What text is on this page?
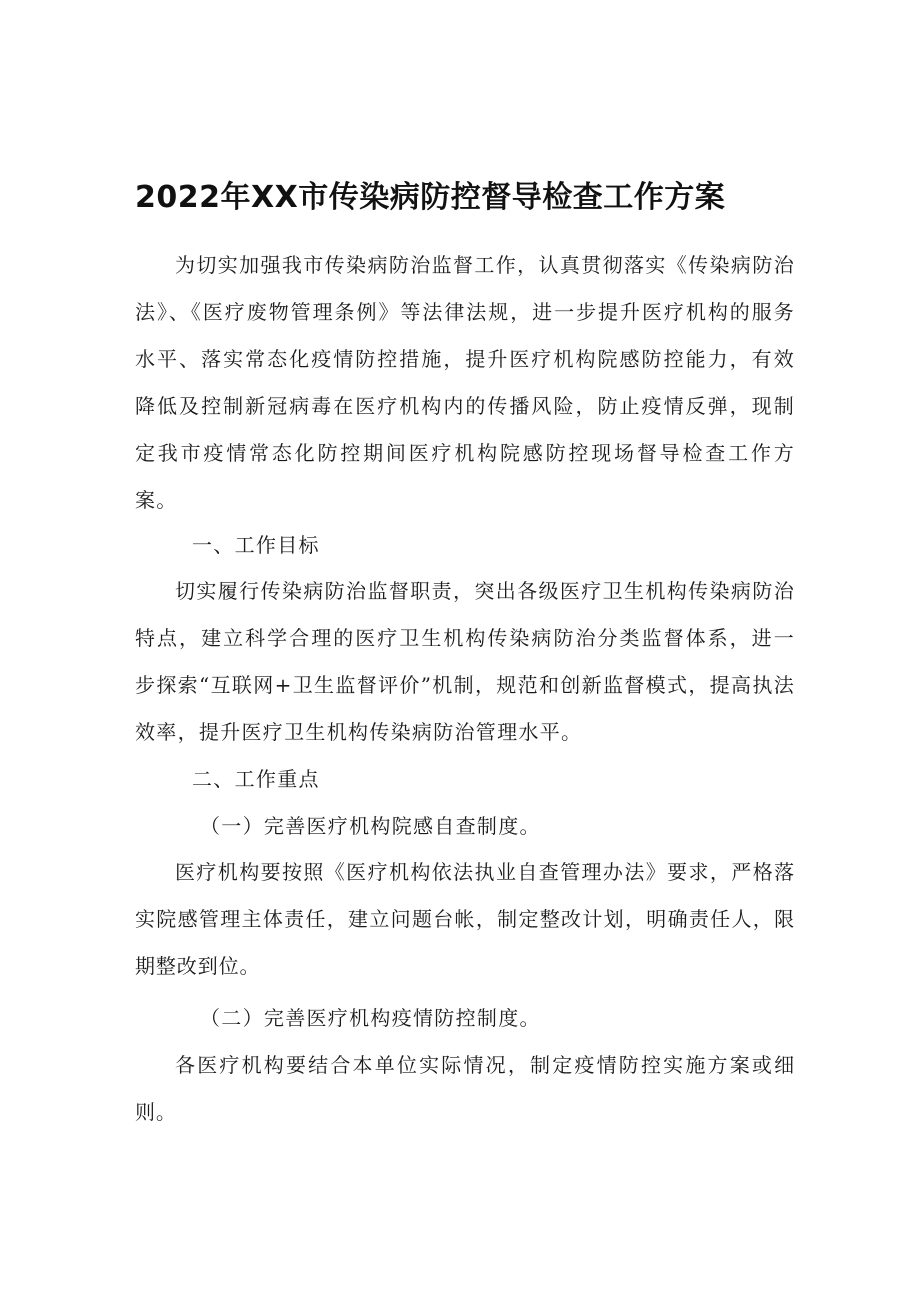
2022年XX市传染病防控督导检查工作方案

为切实加强我市传染病防治监督工作，认真贯彻落实《传染病防治法》、《医疗废物管理条例》等法律法规，进一步提升医疗机构的服务水平、落实常态化疫情防控措施，提升医疗机构院感防控能力，有效降低及控制新冠病毒在医疗机构内的传播风险，防止疫情反弹，现制定我市疫情常态化防控期间医疗机构院感防控现场督导检查工作方案。

一、工作目标

切实履行传染病防治监督职责，突出各级医疗卫生机构传染病防治特点，建立科学合理的医疗卫生机构传染病防治分类监督体系，进一步探索“互联网+卫生监督评价”机制，规范和创新监督模式，提高执法效率，提升医疗卫生机构传染病防治管理水平。

二、工作重点

（一）完善医疗机构院感自查制度。

医疗机构要按照《医疗机构依法执业自查管理办法》要求，严格落实院感管理主体责任，建立问题台帐，制定整改计划，明确责任人，限期整改到位。

（二）完善医疗机构疫情防控制度。

各医疗机构要结合本单位实际情况，制定疫情防控实施方案或细则。
